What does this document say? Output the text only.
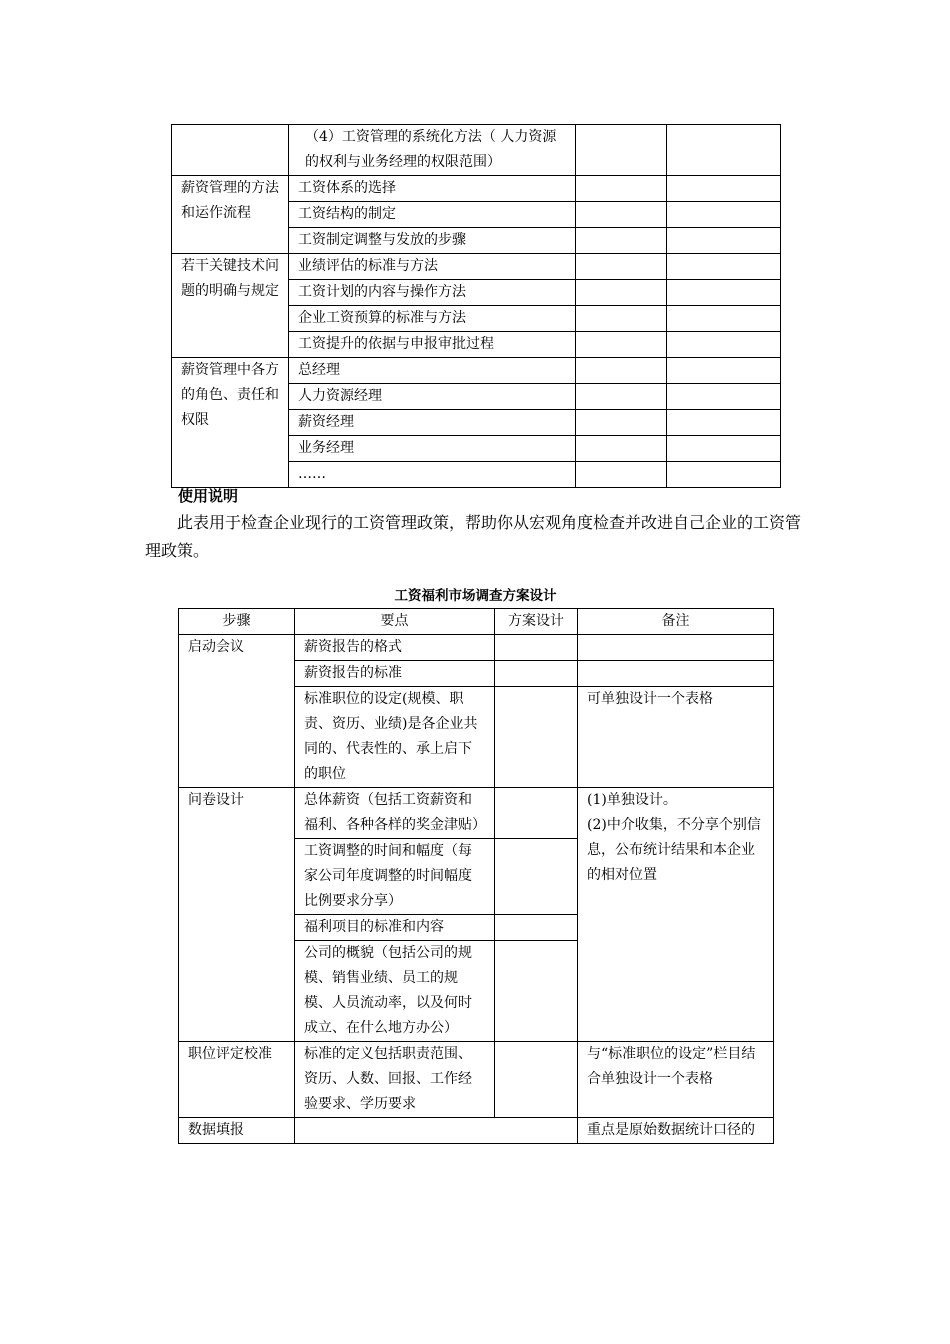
	（4）工资管理的系统化方法（ 人力资源的权利与业务经理的权限范围）		
薪资管理的方法和运作流程	工资体系的选择		
	工资结构的制定		
	工资制定调整与发放的步骤		
若干关键技术问题的明确与规定	业绩评估的标准与方法		
	工资计划的内容与操作方法		
	企业工资预算的标准与方法		
	工资提升的依据与申报审批过程		
薪资管理中各方的角色、责任和权限	总经理		
	人力资源经理		
	薪资经理		
	业务经理		
	……		
使用说明
此表用于检查企业现行的工资管理政策，帮助你从宏观角度检查并改进自己企业的工资管理政策。
工资福利市场调查方案设计
步骤	要点	方案设计	备注
启动会议	薪资报告的格式		
	薪资报告的标准		
	标准职位的设定(规模、职责、资历、业绩)是各企业共同的、代表性的、承上启下的职位		可单独设计一个表格
问卷设计	总体薪资（包括工资薪资和福利、各种各样的奖金津贴）		(1)单独设计。
(2)中介收集，不分享个别信息，公布统计结果和本企业的相对位置

	工资调整的时间和幅度（每家公司年度调整的时间幅度比例要求分享）		
	福利项目的标准和内容		
	公司的概貌（包括公司的规模、销售业绩、员工的规模、人员流动率，以及何时成立、在什么地方办公）		
职位评定校准	标准的定义包括职责范围、资历、人数、回报、工作经验要求、学历要求		与“标准职位的设定”栏目结合单独设计一个表格
数据填报			重点是原始数据统计口径的
